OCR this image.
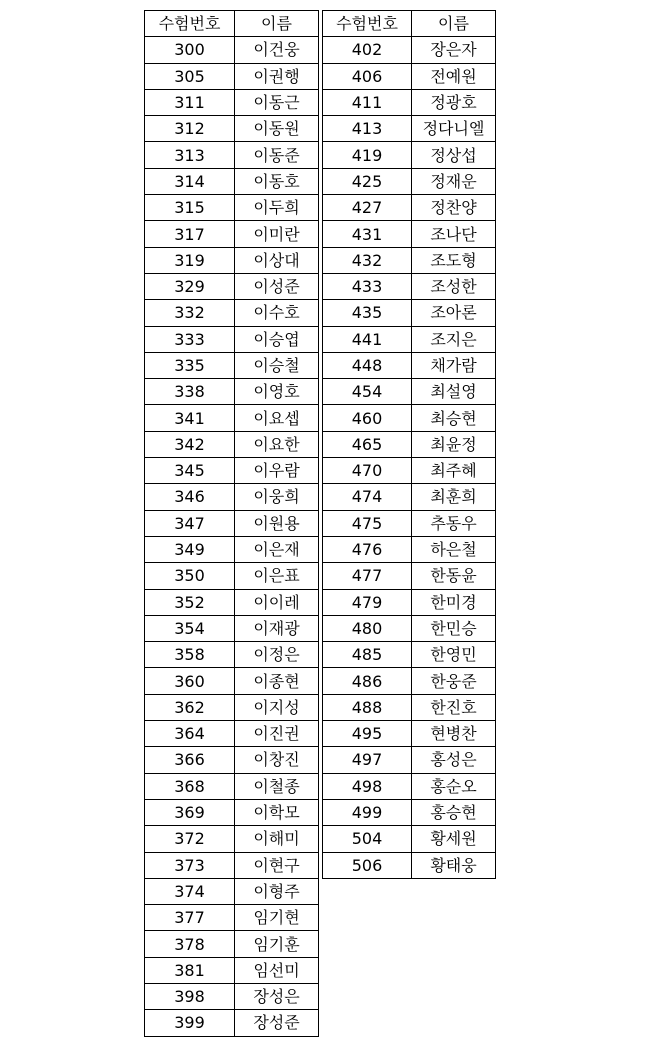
수험번호	이름
300	이건웅
305	이권행
311	이동근
312	이동원
313	이동준
314	이동호
315	이두희
317	이미란
319	이상대
329	이성준
332	이수호
333	이승엽
335	이승철
338	이영호
341	이요셉
342	이요한
345	이우람
346	이웅희
347	이원용
349	이은재
350	이은표
352	이이레
354	이재광
358	이정은
360	이종현
362	이지성
364	이진권
366	이창진
368	이철종
369	이학모
372	이해미
373	이현구
374	이형주
377	임기현
378	임기훈
381	임선미
398	장성은
399	장성준
수험번호	이름
402	장은자
406	전예원
411	정광호
413	정다니엘
419	정상섭
425	정재운
427	정찬양
431	조나단
432	조도형
433	조성한
435	조아론
441	조지은
448	채가람
454	최설영
460	최승현
465	최윤정
470	최주혜
474	최훈희
475	추동우
476	하은철
477	한동윤
479	한미경
480	한민승
485	한영민
486	한웅준
488	한진호
495	현병찬
497	홍성은
498	홍순오
499	홍승현
504	황세원
506	황태웅
